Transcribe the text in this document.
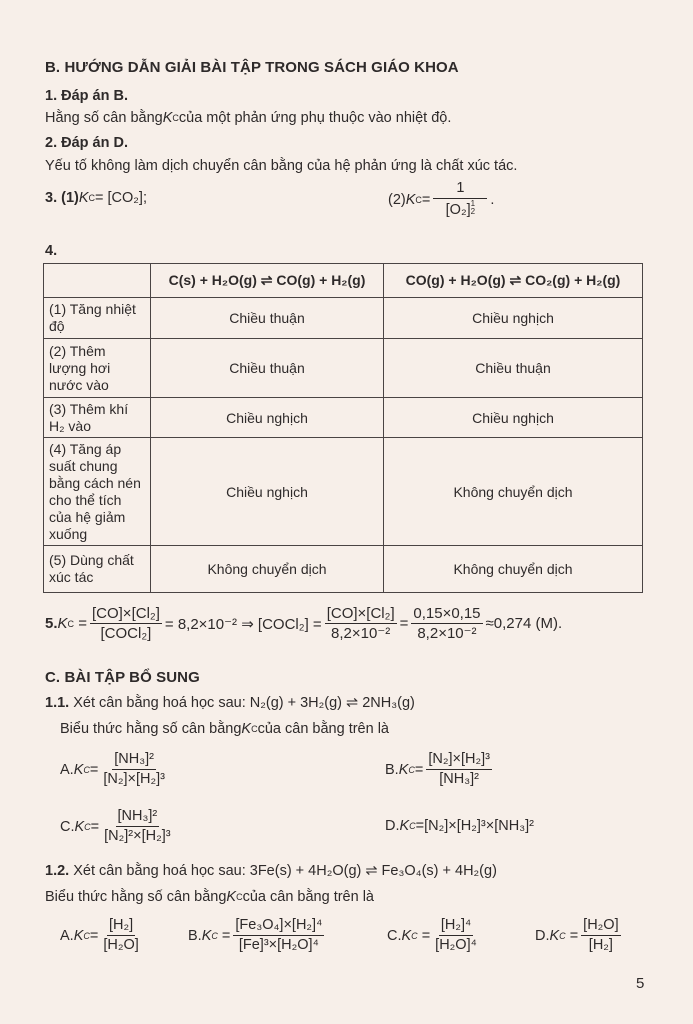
B. HƯỚNG DẪN GIẢI BÀI TẬP TRONG SÁCH GIÁO KHOA
1. Đáp án B.
Hằng số cân bằng K C của một phản ứng phụ thuộc vào nhiệt độ.
2. Đáp án D.
Yếu tố không làm dịch chuyển cân bằng của hệ phản ứng là chất xúc tác.
3. (1) K C = [CO₂];	(2) K C = 1
[O₂] 1
2 .
4.
	C(s) + H₂O(g) ⇌ CO(g) + H₂(g)	CO(g) + H₂O(g) ⇌ CO₂(g) + H₂(g)
(1) Tăng nhiệt độ	Chiều thuận	Chiều nghịch
(2) Thêm lượng hơi nước vào	Chiều thuận	Chiều thuận
(3) Thêm khí H₂ vào	Chiều nghịch	Chiều nghịch
(4) Tăng áp suất chung bằng cách nén cho thể tích của hệ giảm xuống	Chiều nghịch	Không chuyển dịch
(5) Dùng chất xúc tác	Không chuyển dịch	Không chuyển dịch
5. K $C = \frac{\text{[CO]×[Cl₂]}}{\text{[COCl₂]}} = 8,2\times 10^{-2}$ ⇒ [COCl₂] = $\frac{\text{[CO]×[Cl₂]}}{\text{8,2×10⁻²}} = \frac{0,15\times 0,15}{\text{8,2×10⁻²}} \approx 0,274$ (M).
C. BÀI TẬP BỔ SUNG
1.1. Xét cân bằng hoá học sau: N₂(g) + 3H₂(g) ⇌ 2NH₃(g)
Biểu thức hằng số cân bằng K C của cân bằng trên là
A. K $C = \frac{\text{[NH₃]²}}{\text{[N₂]×[H₂]³}}$	B. K $C = \frac{\text{[N₂]×[H₂]³}}{\text{[NH₃]²}}$
C. K $C = \frac{\text{[NH₃]²}}{\text{[N₂]²×[H₂]³}}$	D. K C = [N₂]×[H₂]³×[NH₃]²
1.2. Xét cân bằng hoá học sau: 3Fe(s) + 4H₂O(g) ⇌ Fe₃O₄(s) + 4H₂(g)
Biểu thức hằng số cân bằng K C của cân bằng trên là
A. K $C = \frac{\text{[H₂]}}{\text{[H₂O]}}$	B. K $C = \frac{\text{[Fe₃O₄]×[H₂]⁴}}{\text{[Fe]³×[H₂O]⁴}}$	C. K $C = \frac{\text{[H₂]⁴}}{\text{[H₂O]⁴}}$	D. K $C = \frac{\text{[H₂O]}}{\text{[H₂]}}$
5
